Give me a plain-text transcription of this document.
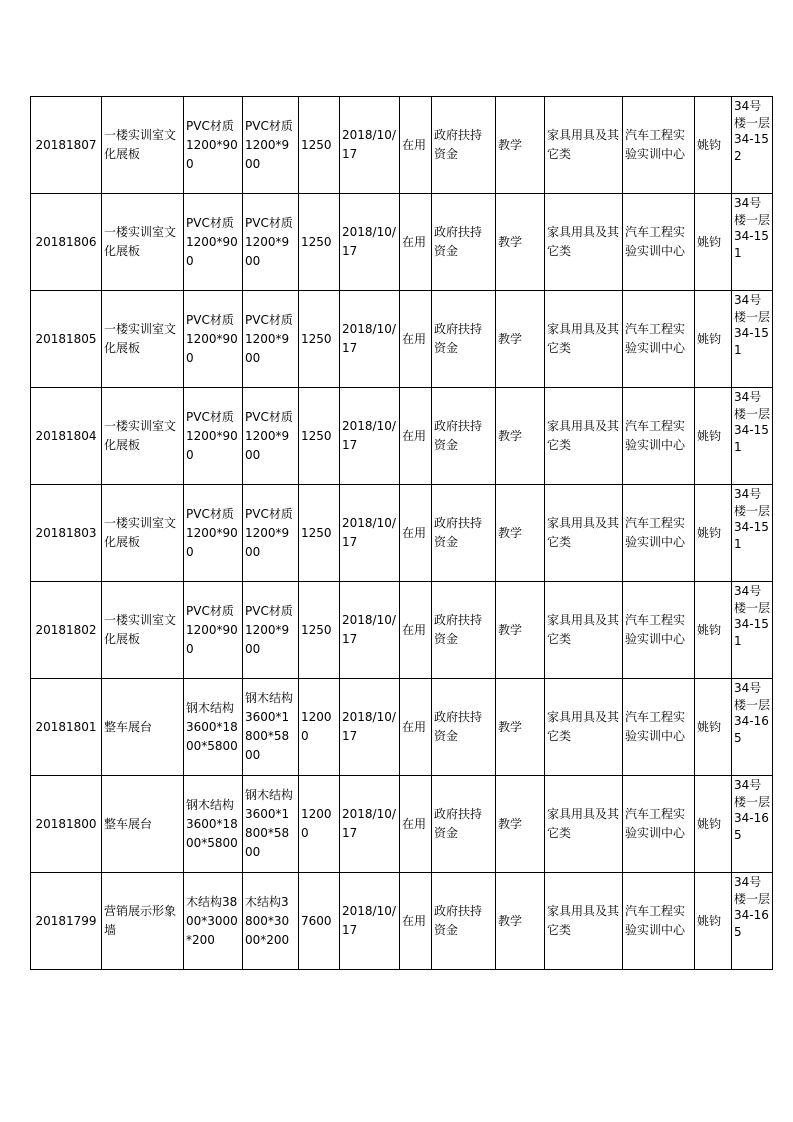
20181807	一楼实训室文化展板	PVC材质1200*900	PVC材质1200*900	1250	2018/10/17	在用	政府扶持资金	教学	家具用具及其它类	汽车工程实验实训中心	姚钧	34号楼一层34-152
20181806	一楼实训室文化展板	PVC材质1200*900	PVC材质1200*900	1250	2018/10/17	在用	政府扶持资金	教学	家具用具及其它类	汽车工程实验实训中心	姚钧	34号楼一层34-151
20181805	一楼实训室文化展板	PVC材质1200*900	PVC材质1200*900	1250	2018/10/17	在用	政府扶持资金	教学	家具用具及其它类	汽车工程实验实训中心	姚钧	34号楼一层34-151
20181804	一楼实训室文化展板	PVC材质1200*900	PVC材质1200*900	1250	2018/10/17	在用	政府扶持资金	教学	家具用具及其它类	汽车工程实验实训中心	姚钧	34号楼一层34-151
20181803	一楼实训室文化展板	PVC材质1200*900	PVC材质1200*900	1250	2018/10/17	在用	政府扶持资金	教学	家具用具及其它类	汽车工程实验实训中心	姚钧	34号楼一层34-151
20181802	一楼实训室文化展板	PVC材质1200*900	PVC材质1200*900	1250	2018/10/17	在用	政府扶持资金	教学	家具用具及其它类	汽车工程实验实训中心	姚钧	34号楼一层34-151
20181801	整车展台	钢木结构3600*1800*5800	钢木结构3600*1800*5800	12000	2018/10/17	在用	政府扶持资金	教学	家具用具及其它类	汽车工程实验实训中心	姚钧	34号楼一层34-165
20181800	整车展台	钢木结构3600*1800*5800	钢木结构3600*1800*5800	12000	2018/10/17	在用	政府扶持资金	教学	家具用具及其它类	汽车工程实验实训中心	姚钧	34号楼一层34-165
20181799	营销展示形象墙	木结构3800*3000*200	木结构3800*3000*200	7600	2018/10/17	在用	政府扶持资金	教学	家具用具及其它类	汽车工程实验实训中心	姚钧	34号楼一层34-165
